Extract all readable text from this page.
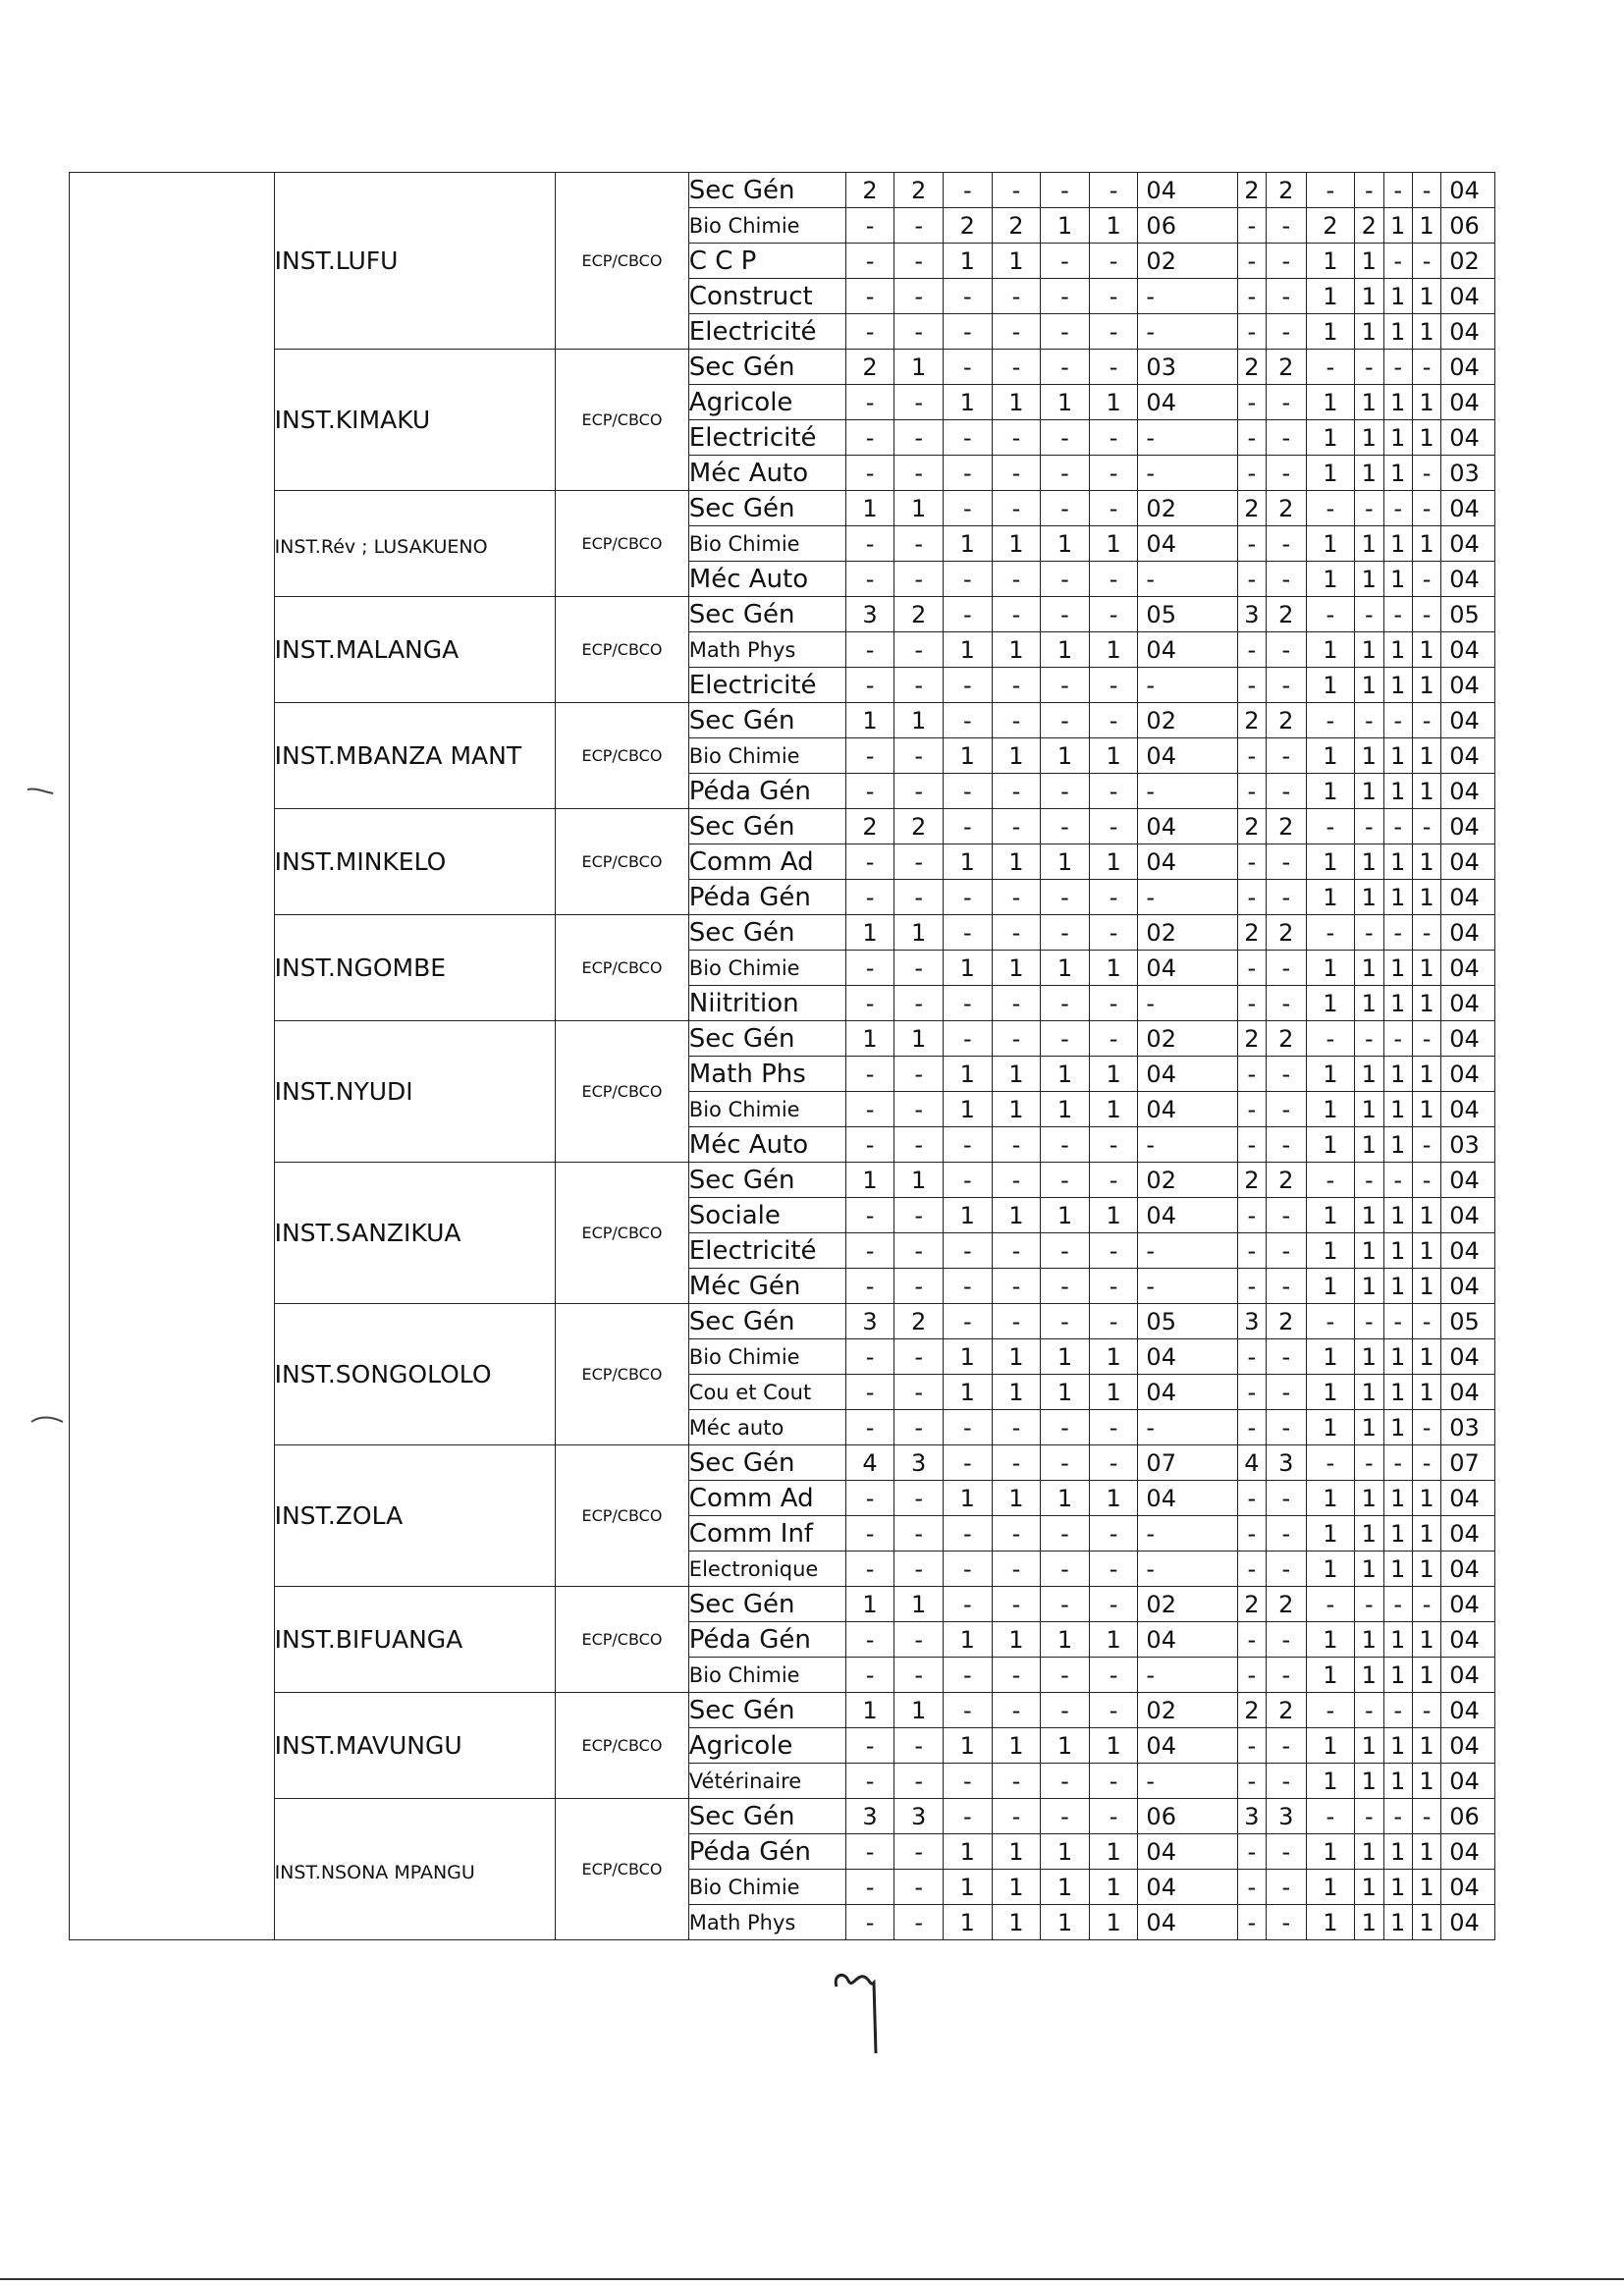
	INST.LUFU	ECP/CBCO	Sec Gén	2	2	-	-	-	-	04	2	2	-	-	-	-	04
			Bio Chimie	-	-	2	2	1	1	06	-	-	2	2	1	1	06
			C C P	-	-	1	1	-	-	02	-	-	1	1	-	-	02
			Construct	-	-	-	-	-	-	-	-	-	1	1	1	1	04
			Electricité	-	-	-	-	-	-	-	-	-	1	1	1	1	04
	INST.KIMAKU	ECP/CBCO	Sec Gén	2	1	-	-	-	-	03	2	2	-	-	-	-	04
			Agricole	-	-	1	1	1	1	04	-	-	1	1	1	1	04
			Electricité	-	-	-	-	-	-	-	-	-	1	1	1	1	04
			Méc Auto	-	-	-	-	-	-	-	-	-	1	1	1	-	03
	INST.Rév ; LUSAKUENO	ECP/CBCO	Sec Gén	1	1	-	-	-	-	02	2	2	-	-	-	-	04
			Bio Chimie	-	-	1	1	1	1	04	-	-	1	1	1	1	04
			Méc Auto	-	-	-	-	-	-	-	-	-	1	1	1	-	04
	INST.MALANGA	ECP/CBCO	Sec Gén	3	2	-	-	-	-	05	3	2	-	-	-	-	05
			Math Phys	-	-	1	1	1	1	04	-	-	1	1	1	1	04
			Electricité	-	-	-	-	-	-	-	-	-	1	1	1	1	04
	INST.MBANZA MANT	ECP/CBCO	Sec Gén	1	1	-	-	-	-	02	2	2	-	-	-	-	04
			Bio Chimie	-	-	1	1	1	1	04	-	-	1	1	1	1	04
			Péda Gén	-	-	-	-	-	-	-	-	-	1	1	1	1	04
	INST.MINKELO	ECP/CBCO	Sec Gén	2	2	-	-	-	-	04	2	2	-	-	-	-	04
			Comm Ad	-	-	1	1	1	1	04	-	-	1	1	1	1	04
			Péda Gén	-	-	-	-	-	-	-	-	-	1	1	1	1	04
	INST.NGOMBE	ECP/CBCO	Sec Gén	1	1	-	-	-	-	02	2	2	-	-	-	-	04
			Bio Chimie	-	-	1	1	1	1	04	-	-	1	1	1	1	04
			Niitrition	-	-	-	-	-	-	-	-	-	1	1	1	1	04
	INST.NYUDI	ECP/CBCO	Sec Gén	1	1	-	-	-	-	02	2	2	-	-	-	-	04
			Math Phs	-	-	1	1	1	1	04	-	-	1	1	1	1	04
			Bio Chimie	-	-	1	1	1	1	04	-	-	1	1	1	1	04
			Méc Auto	-	-	-	-	-	-	-	-	-	1	1	1	-	03
	INST.SANZIKUA	ECP/CBCO	Sec Gén	1	1	-	-	-	-	02	2	2	-	-	-	-	04
			Sociale	-	-	1	1	1	1	04	-	-	1	1	1	1	04
			Electricité	-	-	-	-	-	-	-	-	-	1	1	1	1	04
			Méc Gén	-	-	-	-	-	-	-	-	-	1	1	1	1	04
	INST.SONGOLOLO	ECP/CBCO	Sec Gén	3	2	-	-	-	-	05	3	2	-	-	-	-	05
			Bio Chimie	-	-	1	1	1	1	04	-	-	1	1	1	1	04
			Cou et Cout	-	-	1	1	1	1	04	-	-	1	1	1	1	04
			Méc auto	-	-	-	-	-	-	-	-	-	1	1	1	-	03
	INST.ZOLA	ECP/CBCO	Sec Gén	4	3	-	-	-	-	07	4	3	-	-	-	-	07
			Comm Ad	-	-	1	1	1	1	04	-	-	1	1	1	1	04
			Comm Inf	-	-	-	-	-	-	-	-	-	1	1	1	1	04
			Electronique	-	-	-	-	-	-	-	-	-	1	1	1	1	04
	INST.BIFUANGA	ECP/CBCO	Sec Gén	1	1	-	-	-	-	02	2	2	-	-	-	-	04
			Péda Gén	-	-	1	1	1	1	04	-	-	1	1	1	1	04
			Bio Chimie	-	-	-	-	-	-	-	-	-	1	1	1	1	04
	INST.MAVUNGU	ECP/CBCO	Sec Gén	1	1	-	-	-	-	02	2	2	-	-	-	-	04
			Agricole	-	-	1	1	1	1	04	-	-	1	1	1	1	04
			Vétérinaire	-	-	-	-	-	-	-	-	-	1	1	1	1	04
	INST.NSONA MPANGU	ECP/CBCO	Sec Gén	3	3	-	-	-	-	06	3	3	-	-	-	-	06
			Péda Gén	-	-	1	1	1	1	04	-	-	1	1	1	1	04
			Bio Chimie	-	-	1	1	1	1	04	-	-	1	1	1	1	04
			Math Phys	-	-	1	1	1	1	04	-	-	1	1	1	1	04
